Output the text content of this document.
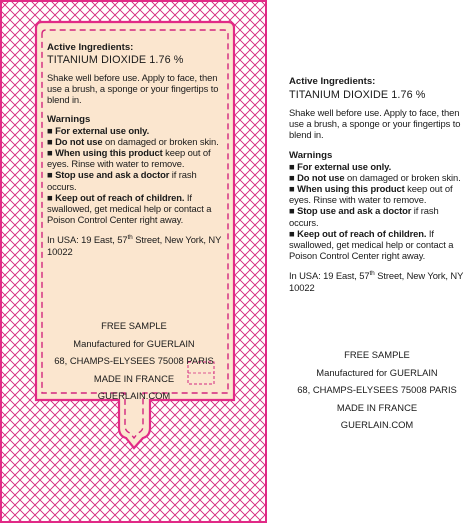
Active Ingredients:
TITANIUM DIOXIDE 1.76 %

Shake well before use. Apply to face, then use a brush, a sponge or your fingertips to blend in.

Warnings
■ For external use only.
■ Do not use on damaged or broken skin.
■ When using this product keep out of eyes. Rinse with water to remove.
■ Stop use and ask a doctor if rash occurs.
■ Keep out of reach of children. If swallowed, get medical help or contact a Poison Control Center right away.
In USA: 19 East, 57th Street, New York, NY 10022
FREE SAMPLE
Manufactured for GUERLAIN
68, CHAMPS-ELYSEES 75008 PARIS
MADE IN FRANCE
GUERLAIN.COM
Active Ingredients:
TITANIUM DIOXIDE 1.76 %

Shake well before use. Apply to face, then use a brush, a sponge or your fingertips to blend in.

Warnings
■ For external use only.
■ Do not use on damaged or broken skin.
■ When using this product keep out of eyes. Rinse with water to remove.
■ Stop use and ask a doctor if rash occurs.
■ Keep out of reach of children. If swallowed, get medical help or contact a Poison Control Center right away.
In USA: 19 East, 57th Street, New York, NY 10022
FREE SAMPLE
Manufactured for GUERLAIN
68, CHAMPS-ELYSEES 75008 PARIS
MADE IN FRANCE
GUERLAIN.COM
